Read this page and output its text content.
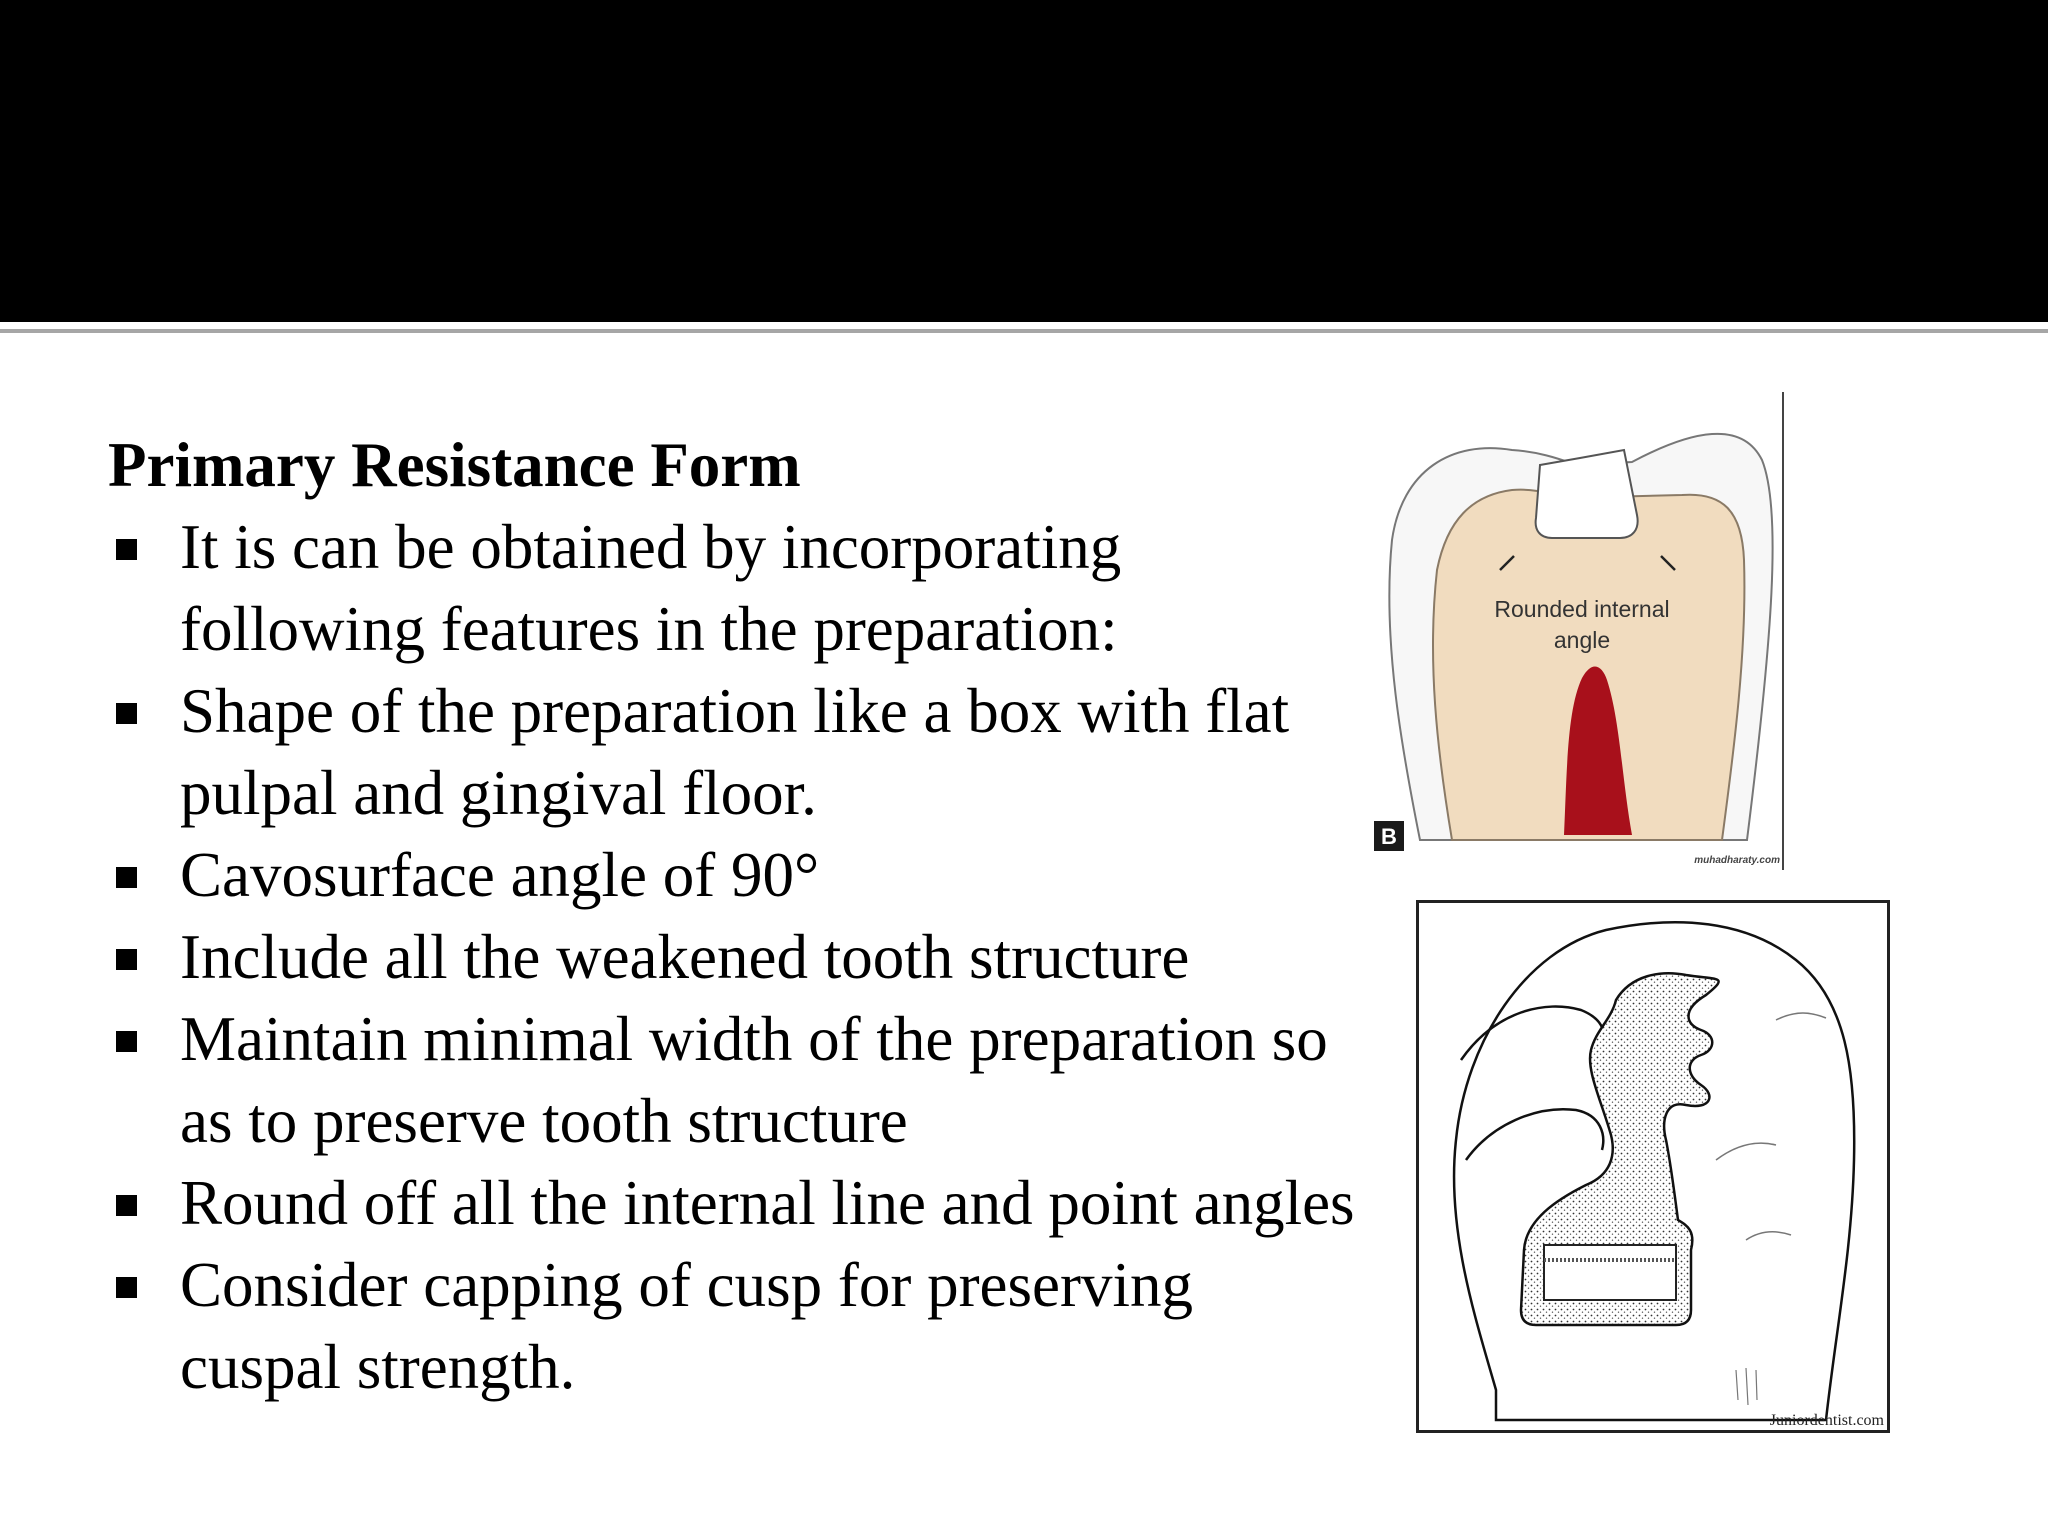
Primary Resistance Form
It is can be obtained by incorporating following features in the preparation:
Shape of the preparation like a box with flat pulpal and gingival floor.
Cavosurface angle of 90°
Include all the weakened tooth structure
Maintain minimal width of the preparation so as to preserve tooth structure
Round off all the internal line and point angles
Consider capping of cusp for preserving cuspal strength.
Rounded internal
angle
B
muhadharaty.com
Juniordentist.com
